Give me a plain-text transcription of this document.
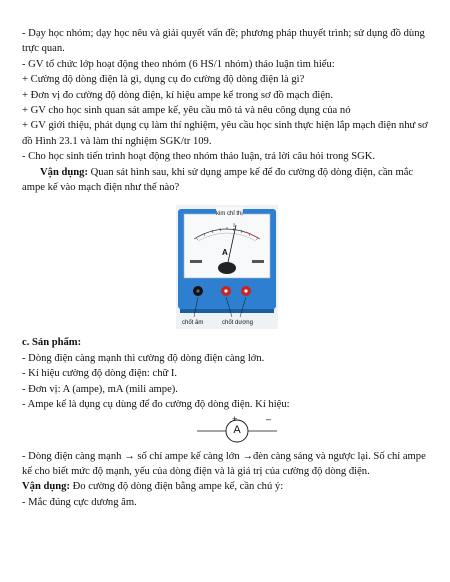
- Dạy học nhóm; dạy học nêu và giải quyết vấn đề; phương pháp thuyết trình; sử dụng đồ dùng trực quan.

- GV tổ chức lớp hoạt động theo nhóm (6 HS/1 nhóm) thảo luận tìm hiểu:

+ Cường độ dòng điện là gì, dụng cụ đo cường độ dòng điện là gì?

+ Đơn vị đo cường độ dòng điện, kí hiệu ampe kế trong sơ đồ mạch điện.

+ GV cho học sinh quan sát ampe kế, yêu cầu mô tả và nêu công dụng của nó

+ GV giới thiệu, phát dụng cụ làm thí nghiệm, yêu cầu học sinh thực hiện lắp mạch điện như sơ đồ Hình 23.1 và làm thí nghiệm SGK/tr 109.

- Cho học sinh tiến trình hoạt động theo nhóm thảo luận, trả lời câu hỏi trong SGK.

Vận dụng: Quan sát hình sau, khi sử dụng ampe kế để đo cường độ dòng điện, cần mắc ampe kế vào mạch điện như thế nào?

kim chỉ thị
A
chốt âm	chốt dương

c. Sản phẩm:

- Dòng điện càng mạnh thì cường độ dòng điện càng lớn.

- Kí hiệu cường độ dòng điện: chữ I.

- Đơn vị: A (ampe), mA (mili ampe).

- Ampe kế là dụng cụ dùng để đo cường độ dòng điện. Kí hiệu:

+	–
A

- Dòng điện càng mạnh → số chỉ ampe kế càng lớn →đèn càng sáng và ngược lại. Số chỉ ampe kế cho biết mức độ mạnh, yếu của dòng điện và là giá trị của cường độ dòng điện.

Vận dụng: Đo cường độ dòng điện bằng ampe kế, cần chú ý:

- Mắc đúng cực dương âm.
